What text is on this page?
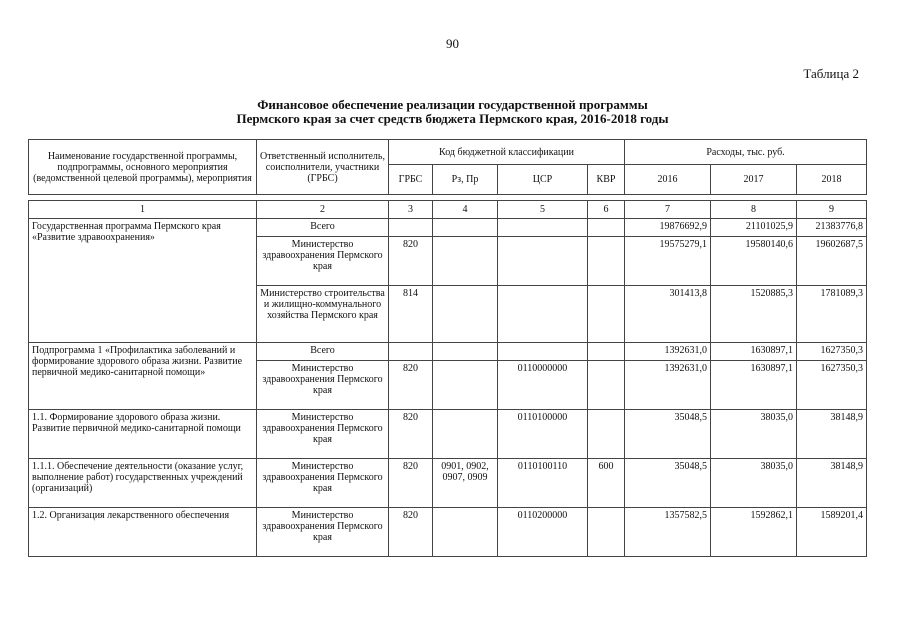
90
Таблица 2
Финансовое обеспечение реализации государственной программы
Пермского края за счет средств бюджета Пермского края, 2016-2018 годы
Наименование государственной программы, подпрограммы, основного мероприятия (ведомственной целевой программы), мероприятия	Ответственный исполнитель, соисполнители, участники (ГРБС)	Код бюджетной классификации				Расходы, тыс. руб.		
		ГРБС	Рз, Пр	ЦСР	КВР	2016	2017	2018

1	2	3	4	5	6	7	8	9
Государственная программа Пермского края «Развитие здравоохранения»	Всего					19876692,9	21101025,9	21383776,8
	Министерство здравоохранения Пермского края	820				19575279,1	19580140,6	19602687,5
	Министерство строительства и жилищно-коммунального хозяйства Пермского края	814				301413,8	1520885,3	1781089,3
Подпрограмма 1 «Профилактика заболеваний и формирование здорового образа жизни. Развитие первичной медико-санитарной помощи»	Всего					1392631,0	1630897,1	1627350,3
	Министерство здравоохранения Пермского края	820		0110000000		1392631,0	1630897,1	1627350,3
1.1. Формирование здорового образа жизни. Развитие первичной медико-санитарной помощи	Министерство здравоохранения Пермского края	820		0110100000		35048,5	38035,0	38148,9
1.1.1. Обеспечение деятельности (оказание услуг, выполнение работ) государственных учреждений (организаций)	Министерство здравоохранения Пермского края	820	0901, 0902, 0907, 0909	0110100110	600	35048,5	38035,0	38148,9
1.2. Организация лекарственного обеспечения	Министерство здравоохранения Пермского края	820		0110200000		1357582,5	1592862,1	1589201,4
